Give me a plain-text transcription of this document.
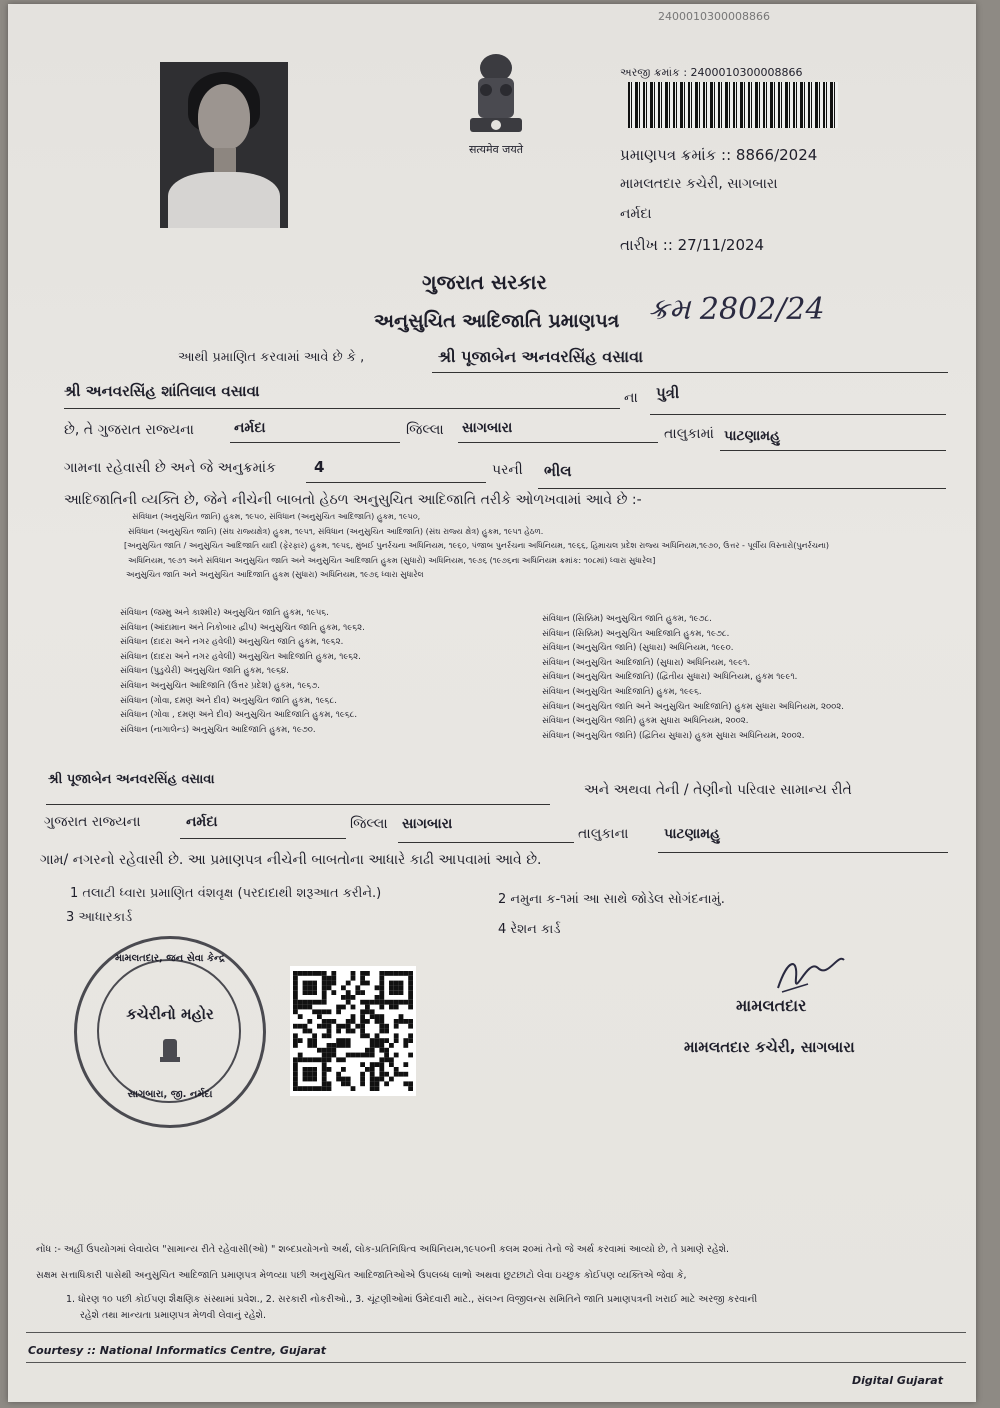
2400010300008866
सत्यमेव जयते
અરજી ક્રમાંક : 2400010300008866
પ્રમાણપત્ર ક્રમાંક :: 8866/2024
મામલતદાર કચેરી, સાગબારા
નર્મદા
તારીખ :: 27/11/2024
ગુજરાત સરકાર
અનુસુચિત આદિજાતિ પ્રમાણપત્ર ક્રમ 2802/24
આથી પ્રમાણિત કરવામાં આવે છે કે ,	શ્રી પૂજાબેન અનવરસિંહ વસાવા
શ્રી અનવરસિંહ શાંતિલાલ વસાવા	ના પુત્રી
છે, તે ગુજરાત રાજ્યના	નર્મદા	જિલ્લા સાગબારા	તાલુકામાં પાટણામહુ
ગામના રહેવાસી છે અને જે અનુક્રમાંક	4	પરની ભીલ
આદિજાતિની વ્યક્તિ છે, જેને નીચેની બાબતો હેઠળ અનુસુચિત આદિજાતિ તરીકે ઓળખવામાં આવે છે :-
સંવિધાન (અનુસુચિત જાતિ) હુકમ, ૧૯૫૦, સંવિધાન (અનુસુચિત આદિજાતિ) હુકમ, ૧૯૫૦,
સંવિધાન (અનુસુચિત જાતિ) (સંઘ રાજ્યક્ષેત્ર) હુકમ, ૧૯૫૧, સંવિધાન (અનુસુચિત આદિજાતિ) (સંઘ રાજ્ય ક્ષેત્ર) હુકમ, ૧૯૫૧ હેઠળ.
[અનુસુચિત જાતિ / અનુસુચિત આદિજાતિ યાદી (ફેરફાર) હુકમ, ૧૯૫૬, મુંબઈ પુનર્રચના અધિનિયમ, ૧૯૬૦, પંજાબ પુનર્રચના અધિનિયમ, ૧૯૬૬, હિમાચલ પ્રદેશ રાજ્ય અધિનિયમ,૧૯૭૦, ઉત્તર - પૂર્વીય વિસ્તારો(પુનર્રચના)
અધિનિયમ, ૧૯૭૧ અને સંવિધાન અનુસુચિત જાતિ અને અનુસુચિત આદિજાતિ હુકમ (સુધારો) અધિનિયમ, ૧૯૭૬ (૧૯૭૬ના અધિનિયમ ક્રમાંક: ૧૦૮માં) ધ્વારા સુધારેલ]
અનુસુચિત જાતિ અને અનુસુચિત આદિજાતિ હુકમ (સુધારા) અધિનિયમ, ૧૯૭૬ ધ્વારા સુધારેલ
સંવિધાન (જમ્મુ અને કાશ્મીર) અનુસુચિત જાતિ હુકમ, ૧૯૫૬.
સંવિધાન (આંદામાન અને નિકોબાર દ્વીપ) અનુસુચિત જાતિ હુકમ, ૧૯૬૨.
સંવિધાન (દાદરા અને નગર હવેલી) અનુસુચિત જાતિ હુકમ, ૧૯૬૨.
સંવિધાન (દાદરા અને નગર હવેલી) અનુસુચિત આદિજાતિ હુકમ, ૧૯૬૨.
સંવિધાન (પુડુચેરી) અનુસુચિત જાતિ હુકમ, ૧૯૬૪.
સંવિધાન અનુસુચિત આદિજાતિ (ઉત્તર પ્રદેશ) હુકમ, ૧૯૬૭.
સંવિધાન (ગોવા, દમણ અને દીવ) અનુસુચિત જાતિ હુકમ, ૧૯૬૮.
સંવિધાન (ગોવા , દમણ અને દીવ) અનુસુચિત આદિજાતિ હુકમ, ૧૯૬૮.
સંવિધાન (નાગાલેન્ડ) અનુસુચિત આદિજાતિ હુકમ, ૧૯૭૦.
સંવિધાન (સિક્કિમ) અનુસુચિત જાતિ હુકમ, ૧૯૭૮.
સંવિધાન (સિક્કિમ) અનુસુચિત આદિજાતિ હુકમ, ૧૯૭૮.
સંવિધાન (અનુસુચિત જાતિ) (સુધારા) અધિનિયમ, ૧૯૯૦.
સંવિધાન (અનુસુચિત આદિજાતિ) (સુધારા) અધિનિયમ, ૧૯૯૧.
સંવિધાન (અનુસુચિત આદિજાતિ) (દ્વિતીય સુધારા) અધિનિયમ, હુકમ ૧૯૯૧.
સંવિધાન (અનુસુચિત આદિજાતિ) હુકમ, ૧૯૯૬.
સંવિધાન (અનુસુચિત જાતિ અને અનુસુચિત આદિજાતિ) હુકમ સુધારા અધિનિયમ, ૨૦૦૨.
સંવિધાન (અનુસુચિત જાતિ) હુકમ સુધારા અધિનિયમ, ૨૦૦૨.
સંવિધાન (અનુસુચિત જાતિ) (દ્વિતિય સુધારા) હુકમ સુધારા અધિનિયમ, ૨૦૦૨.
શ્રી પૂજાબેન અનવરસિંહ વસાવા
અને અથવા તેની / તેણીનો પરિવાર સામાન્ય રીતે
ગુજરાત રાજ્યના	નર્મદા	જિલ્લા સાગબારા
તાલુકાના	પાટણામહુ
ગામ/ નગરનો રહેવાસી છે. આ પ્રમાણપત્ર નીચેની બાબતોના આધારે કાઢી આપવામાં આવે છે.
1 તલાટી ધ્વારા પ્રમાણિત વંશવૃક્ષ (પરદાદાથી શરૂઆત કરીને.)	2 નમુના ક-૧માં આ સાથે જોડેલ સોગંદનામું.
3 આધારકાર્ડ
4 રેશન કાર્ડ
મામલતદાર, જન સેવા કેન્દ્ર
કચેરીનો મહોર
સાગબારા, જી. નર્મદા
મામલતદાર
મામલતદાર કચેરી, સાગબારા
નોંધ :- અહીં ઉપયોગમાં લેવાયેલ "સામાન્ય રીતે રહેવાસી(ઓ) " શબ્દપ્રયોગનો અર્થ, લોક-પ્રતિનિધિત્વ અધિનિયમ,૧૯૫૦ની કલમ ૨૦માં તેનો જે અર્થ કરવામાં આવ્યો છે, તે પ્રમાણે રહેશે.
સક્ષમ સત્તાધિકારી પાસેથી અનુસુચિત આદિજાતિ પ્રમાણપત્ર મેળવ્યા પછી અનુસુચિત આદિજાતિઓએ ઉપલબ્ધ લાભો અથવા છુટછાટો લેવા ઇચ્છુક કોઈપણ વ્યક્તિએ જેવા કે,
1. ધોરણ ૧૦ પછી કોઈપણ શૈક્ષણિક સંસ્થામાં પ્રવેશ., 2. સરકારી નોકરીઓ., 3. ચૂંટણીઓમાં ઉમેદવારી માટે., સંલગ્ન વિજીલન્સ સમિતિને જાતિ પ્રમાણપત્રની ખરાઈ માટે અરજી કરવાની
રહેશે તથા માન્યતા પ્રમાણપત્ર મેળવી લેવાનું રહેશે.
Courtesy :: National Informatics Centre, Gujarat
Digital Gujarat
